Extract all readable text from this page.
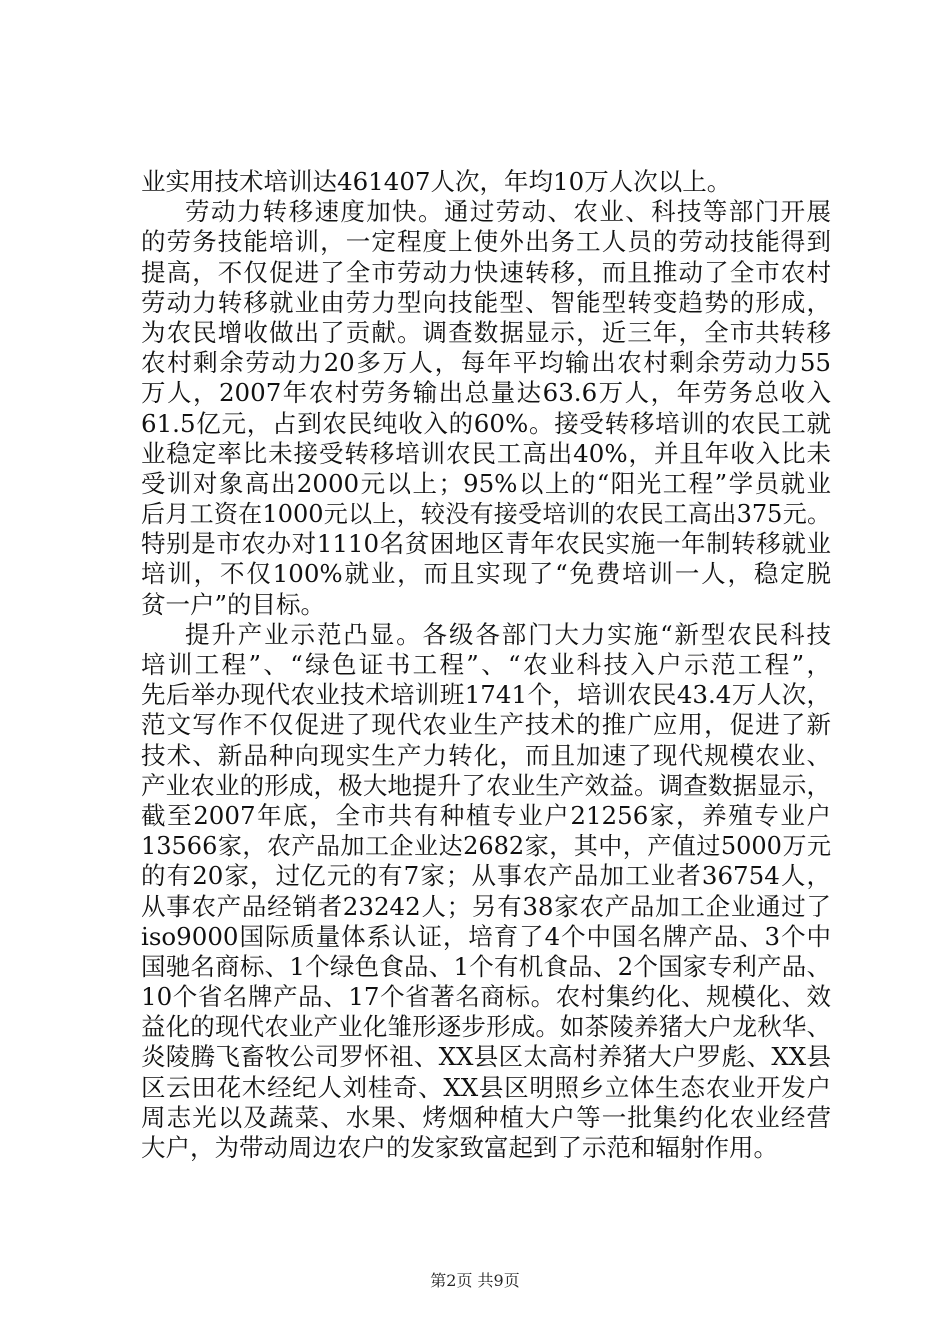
业实用技术培训达461407人次，年均10万人次以上。
劳动力转移速度加快。通过劳动、农业、科技等部门开展
的劳务技能培训，一定程度上使外出务工人员的劳动技能得到
提高，不仅促进了全市劳动力快速转移，而且推动了全市农村
劳动力转移就业由劳力型向技能型、智能型转变趋势的形成，
为农民增收做出了贡献。调查数据显示，近三年，全市共转移
农村剩余劳动力20多万人，每年平均输出农村剩余劳动力55
万人，2007年农村劳务输出总量达63.6万人，年劳务总收入
61.5亿元，占到农民纯收入的60%。接受转移培训的农民工就
业稳定率比未接受转移培训农民工高出40%，并且年收入比未
受训对象高出2000元以上；95%以上的“阳光工程”学员就业
后月工资在1000元以上，较没有接受培训的农民工高出375元。
特别是市农办对1110名贫困地区青年农民实施一年制转移就业
培训，不仅100%就业，而且实现了“免费培训一人，稳定脱
贫一户”的目标。
提升产业示范凸显。各级各部门大力实施“新型农民科技
培训工程”、“绿色证书工程”、“农业科技入户示范工程”，
先后举办现代农业技术培训班1741个，培训农民43.4万人次，
范文写作不仅促进了现代农业生产技术的推广应用，促进了新
技术、新品种向现实生产力转化，而且加速了现代规模农业、
产业农业的形成，极大地提升了农业生产效益。调查数据显示，
截至2007年底，全市共有种植专业户21256家，养殖专业户
13566家，农产品加工企业达2682家，其中，产值过5000万元
的有20家，过亿元的有7家；从事农产品加工业者36754人，
从事农产品经销者23242人；另有38家农产品加工企业通过了
iso9000国际质量体系认证，培育了4个中国名牌产品、3个中
国驰名商标、1个绿色食品、1个有机食品、2个国家专利产品、
10个省名牌产品、17个省著名商标。农村集约化、规模化、效
益化的现代农业产业化雏形逐步形成。如茶陵养猪大户龙秋华、
炎陵腾飞畜牧公司罗怀祖、XX县区太高村养猪大户罗彪、XX县
区云田花木经纪人刘桂奇、XX县区明照乡立体生态农业开发户
周志光以及蔬菜、水果、烤烟种植大户等一批集约化农业经营
大户，为带动周边农户的发家致富起到了示范和辐射作用。
第2页 共9页
